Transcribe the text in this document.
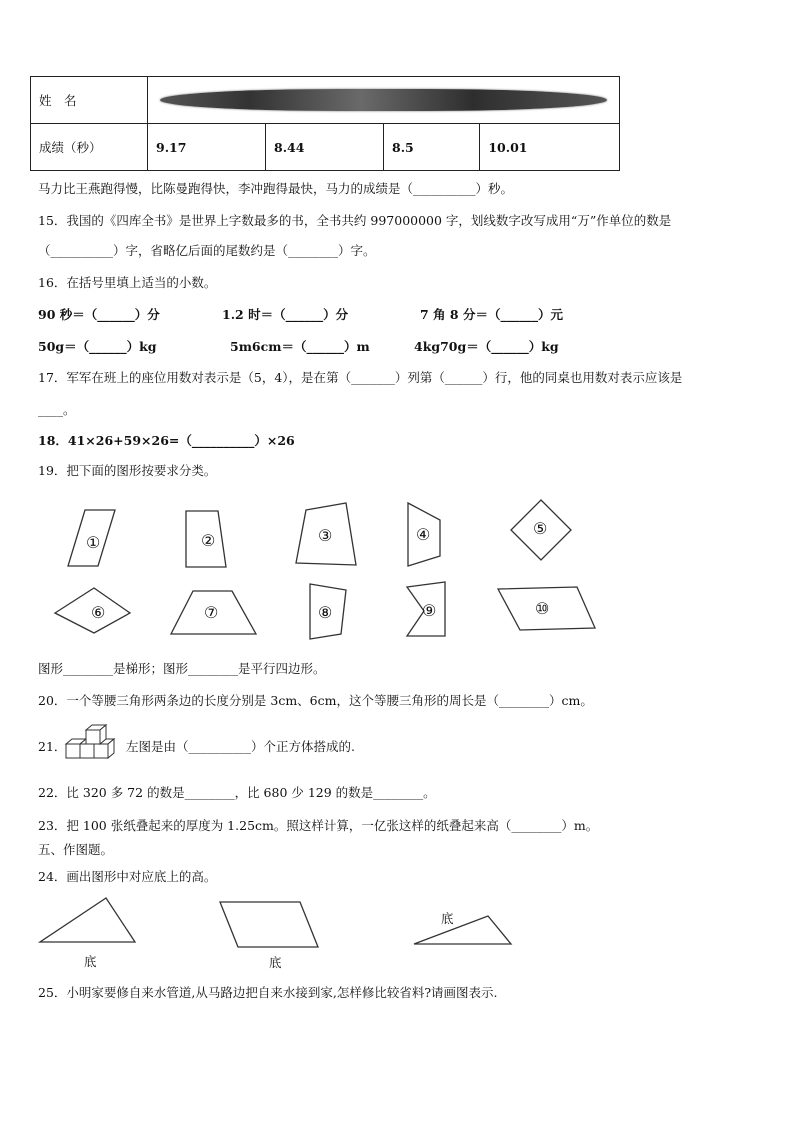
姓　名				

成绩（秒）	9.17	8.44	8.5	10.01
马力比王燕跑得慢，比陈曼跑得快，李冲跑得最快，马力的成绩是（__________）秒。
15．我国的《四库全书》是世界上字数最多的书，全书共约 997000000 字，划线数字改写成用“万”作单位的数是
（__________）字，省略亿后面的尾数约是（________）字。
16．在括号里填上适当的小数。
90 秒＝（______）分	1.2 时＝（______）分	7 角 8 分＝（______）元
50g＝（______）kg	5m6cm＝（______）m	4kg70g＝（______）kg
17．军军在班上的座位用数对表示是（5，4），是在第（_______）列第（______）行，他的同桌也用数对表示应该是
____。
18．41×26+59×26=（__________）×26
19．把下面的图形按要求分类。
①	②	③	④	⑤
⑥	⑦	⑧	⑨	⑩
图形________是梯形；图形________是平行四边形。
20．一个等腰三角形两条边的长度分别是 3cm、6cm，这个等腰三角形的周长是（________）cm。
21．	左图是由（__________）个正方体搭成的.
22．比 320 多 72 的数是________，比 680 少 129 的数是________。
23．把 100 张纸叠起来的厚度为 1.25cm。照这样计算，一亿张这样的纸叠起来高（________）m。
五、作图题。
24．画出图形中对应底上的高。
底	底
底
25．小明家要修自来水管道,从马路边把自来水接到家,怎样修比较省料?请画图表示.
